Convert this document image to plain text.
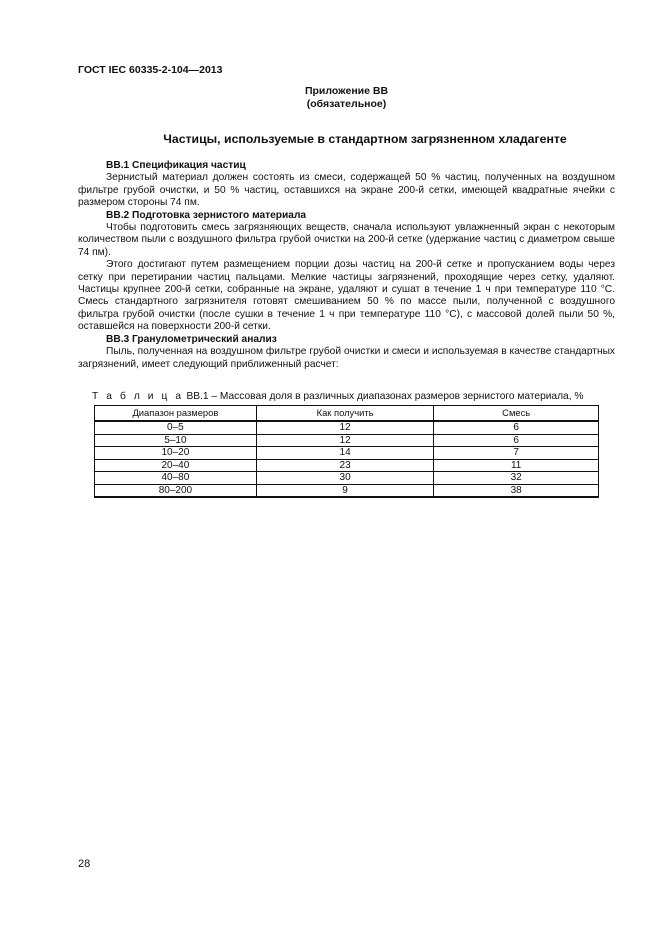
ГОСТ IEC 60335-2-104—2013
Приложение ВВ
(обязательное)
Частицы, используемые в стандартном загрязненном хладагенте
ВВ.1 Спецификация частиц

Зернистый материал должен состоять из смеси, содержащей 50 % частиц, полученных на воздушном фильтре грубой очистки, и 50 % частиц, оставшихся на экране 200-й сетки, имеющей квадратные ячейки с размером стороны 74 пм.

ВВ.2 Подготовка зернистого материала

Чтобы подготовить смесь загрязняющих веществ, сначала используют увлажненный экран с некоторым количеством пыли с воздушного фильтра грубой очистки на 200-й сетке (удержание частиц с диаметром свыше 74 пм).

Этого достигают путем размещением порции дозы частиц на 200-й сетке и пропусканием воды через сетку при перетирании частиц пальцами. Мелкие частицы загрязнений, проходящие через сетку, удаляют. Частицы крупнее 200-й сетки, собранные на экране, удаляют и сушат в течение 1 ч при температуре 110 °С. Смесь стандартного загрязнителя готовят смешиванием 50 % по массе пыли, полученной с воздушного фильтра грубой очистки (после сушки в течение 1 ч при температуре 110 °С), с массовой долей пыли 50 %, оставшейся на поверхности 200-й сетки.

ВВ.3 Гранулометрический анализ

Пыль, полученная на воздушном фильтре грубой очистки и смеси и используемая в качестве стандартных загрязнений, имеет следующий приближенный расчет:

Т а б л и ц а ВВ.1 – Массовая доля в различных диапазонах размеров зернистого материала, %
Диапазон размеров	Как получить	Смесь
0–5	12	6
5–10	12	6
10–20	14	7
20–40	23	11
40–80	30	32
80–200	9	38
28
